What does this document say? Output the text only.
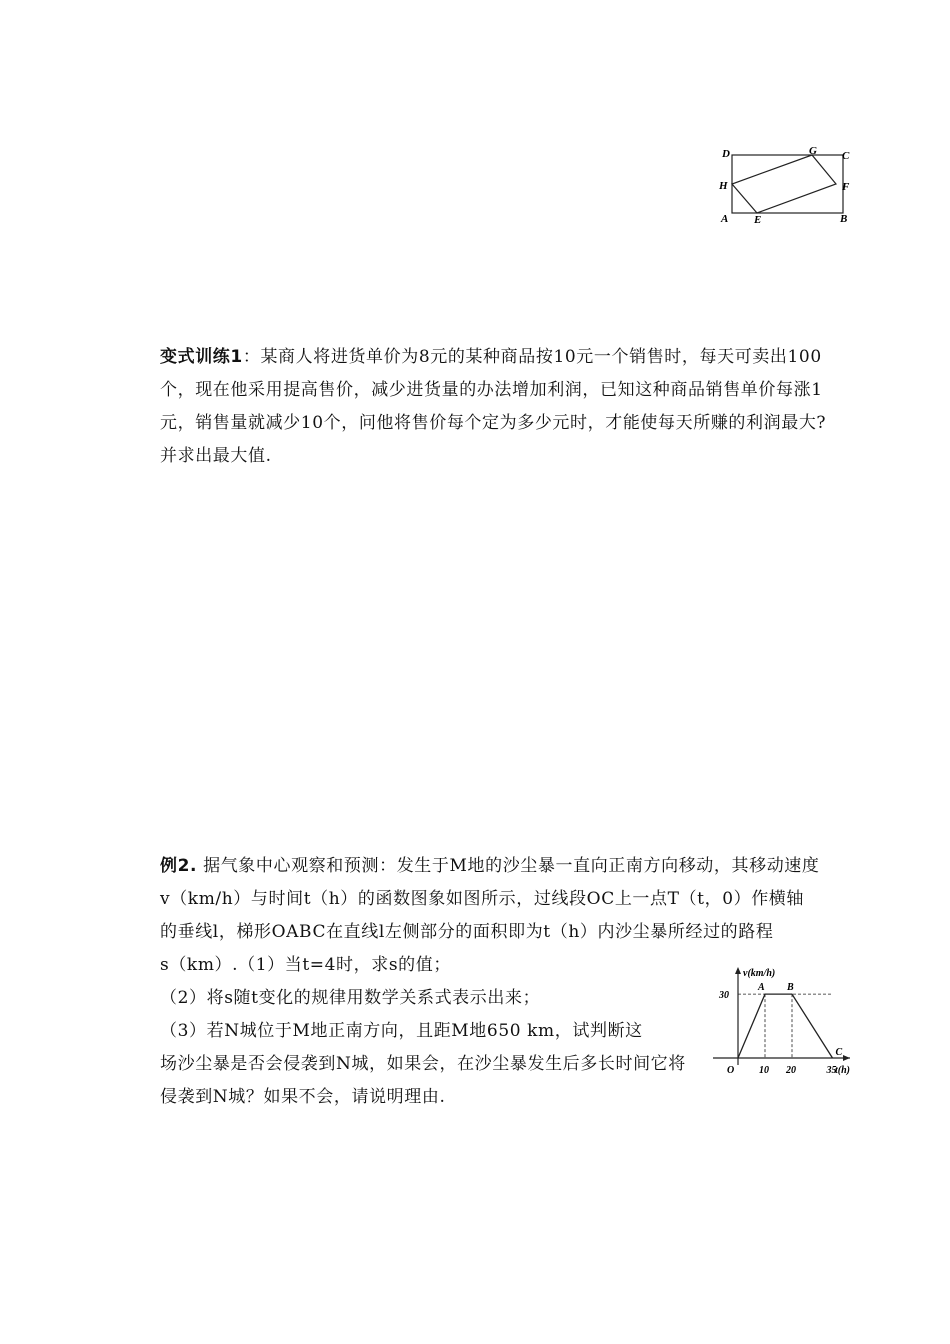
D	G C
H	F
A E	B
变式训练1：某商人将进货单价为8元的某种商品按10元一个销售时，每天可卖出100
个，现在他采用提高售价，减少进货量的办法增加利润，已知这种商品销售单价每涨1
元，销售量就减少10个，问他将售价每个定为多少元时，才能使每天所赚的利润最大?
并求出最大值.
例2. 据气象中心观察和预测：发生于M地的沙尘暴一直向正南方向移动，其移动速度
v（km/h）与时间t（h）的函数图象如图所示，过线段OC上一点T（t，0）作横轴
的垂线l，梯形OABC在直线l左侧部分的面积即为t（h）内沙尘暴所经过的路程
s（km）.（1）当t=4时，求s的值；
（2）将s随t变化的规律用数学关系式表示出来；
（3）若N城位于M地正南方向，且距M地650 km，试判断这
场沙尘暴是否会侵袭到N城，如果会，在沙尘暴发生后多长时间它将
侵袭到N城？如果不会，请说明理由.
A B
C
10 20	35
30
v(km/h)
t(h)
O
